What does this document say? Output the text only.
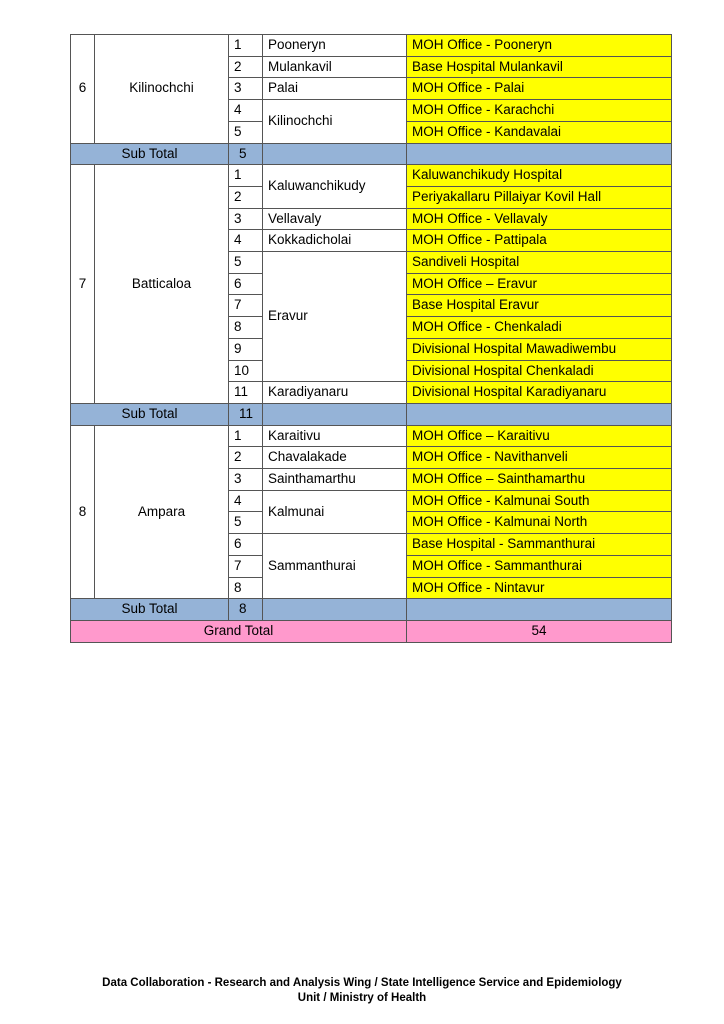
6	Kilinochchi	1	Pooneryn	MOH Office - Pooneryn
		2	Mulankavil	Base Hospital Mulankavil
		3	Palai	MOH Office - Palai
		4	Kilinochchi	MOH Office - Karachchi
		5		MOH Office - Kandavalai
Sub Total		5		
7	Batticaloa	1	Kaluwanchikudy	Kaluwanchikudy Hospital
		2		Periyakallaru Pillaiyar Kovil Hall
		3	Vellavaly	MOH Office - Vellavaly
		4	Kokkadicholai	MOH Office - Pattipala
		5	Eravur	Sandiveli Hospital
		6		MOH Office – Eravur
		7		Base Hospital Eravur
		8		MOH Office - Chenkaladi
		9		Divisional Hospital Mawadiwembu
		10		Divisional Hospital Chenkaladi
		11	Karadiyanaru	Divisional Hospital Karadiyanaru
Sub Total		11		
8	Ampara	1	Karaitivu	MOH Office – Karaitivu
		2	Chavalakade	MOH Office - Navithanveli
		3	Sainthamarthu	MOH Office – Sainthamarthu
		4	Kalmunai	MOH Office - Kalmunai South
		5		MOH Office - Kalmunai North
		6	Sammanthurai	Base Hospital - Sammanthurai
		7		MOH Office - Sammanthurai
		8		MOH Office - Nintavur
Sub Total		8		
Grand Total				54
Data Collaboration - Research and Analysis Wing / State Intelligence Service and Epidemiology
Unit / Ministry of Health
